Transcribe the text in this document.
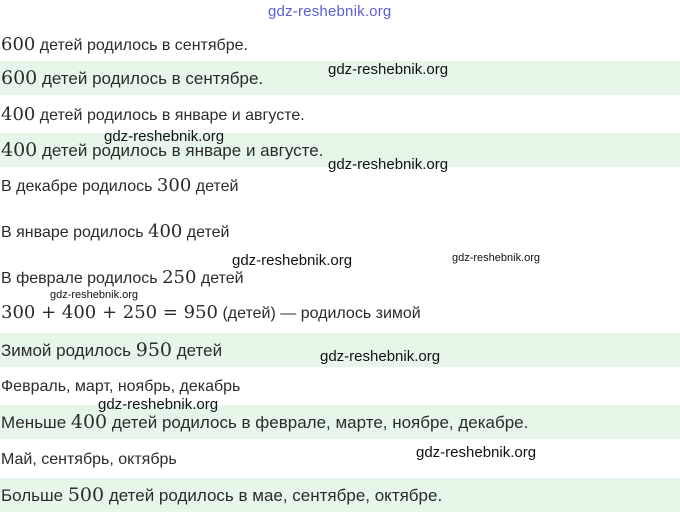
gdz-reshebnik.org
600 детей родилось в сентябре.
600 детей родилось в сентябре.
400 детей родилось в январе и августе.
400 детей родилось в январе и августе.
В декабре родилось 300 детей
В январе родилось 400 детей
В феврале родилось 250 детей
300 + 400 + 250 = 950 (детей) — родилось зимой
Зимой родилось 950 детей
Февраль, март, ноябрь, декабрь
Меньше 400 детей родилось в феврале, марте, ноябре, декабре.
Май, сентябрь, октябрь
Больше 500 детей родилось в мае, сентябре, октябре.
gdz-reshebnik.org
gdz-reshebnik.org
gdz-reshebnik.org
gdz-reshebnik.org	gdz-reshebnik.org
gdz-reshebnik.org
gdz-reshebnik.org
gdz-reshebnik.org
gdz-reshebnik.org
